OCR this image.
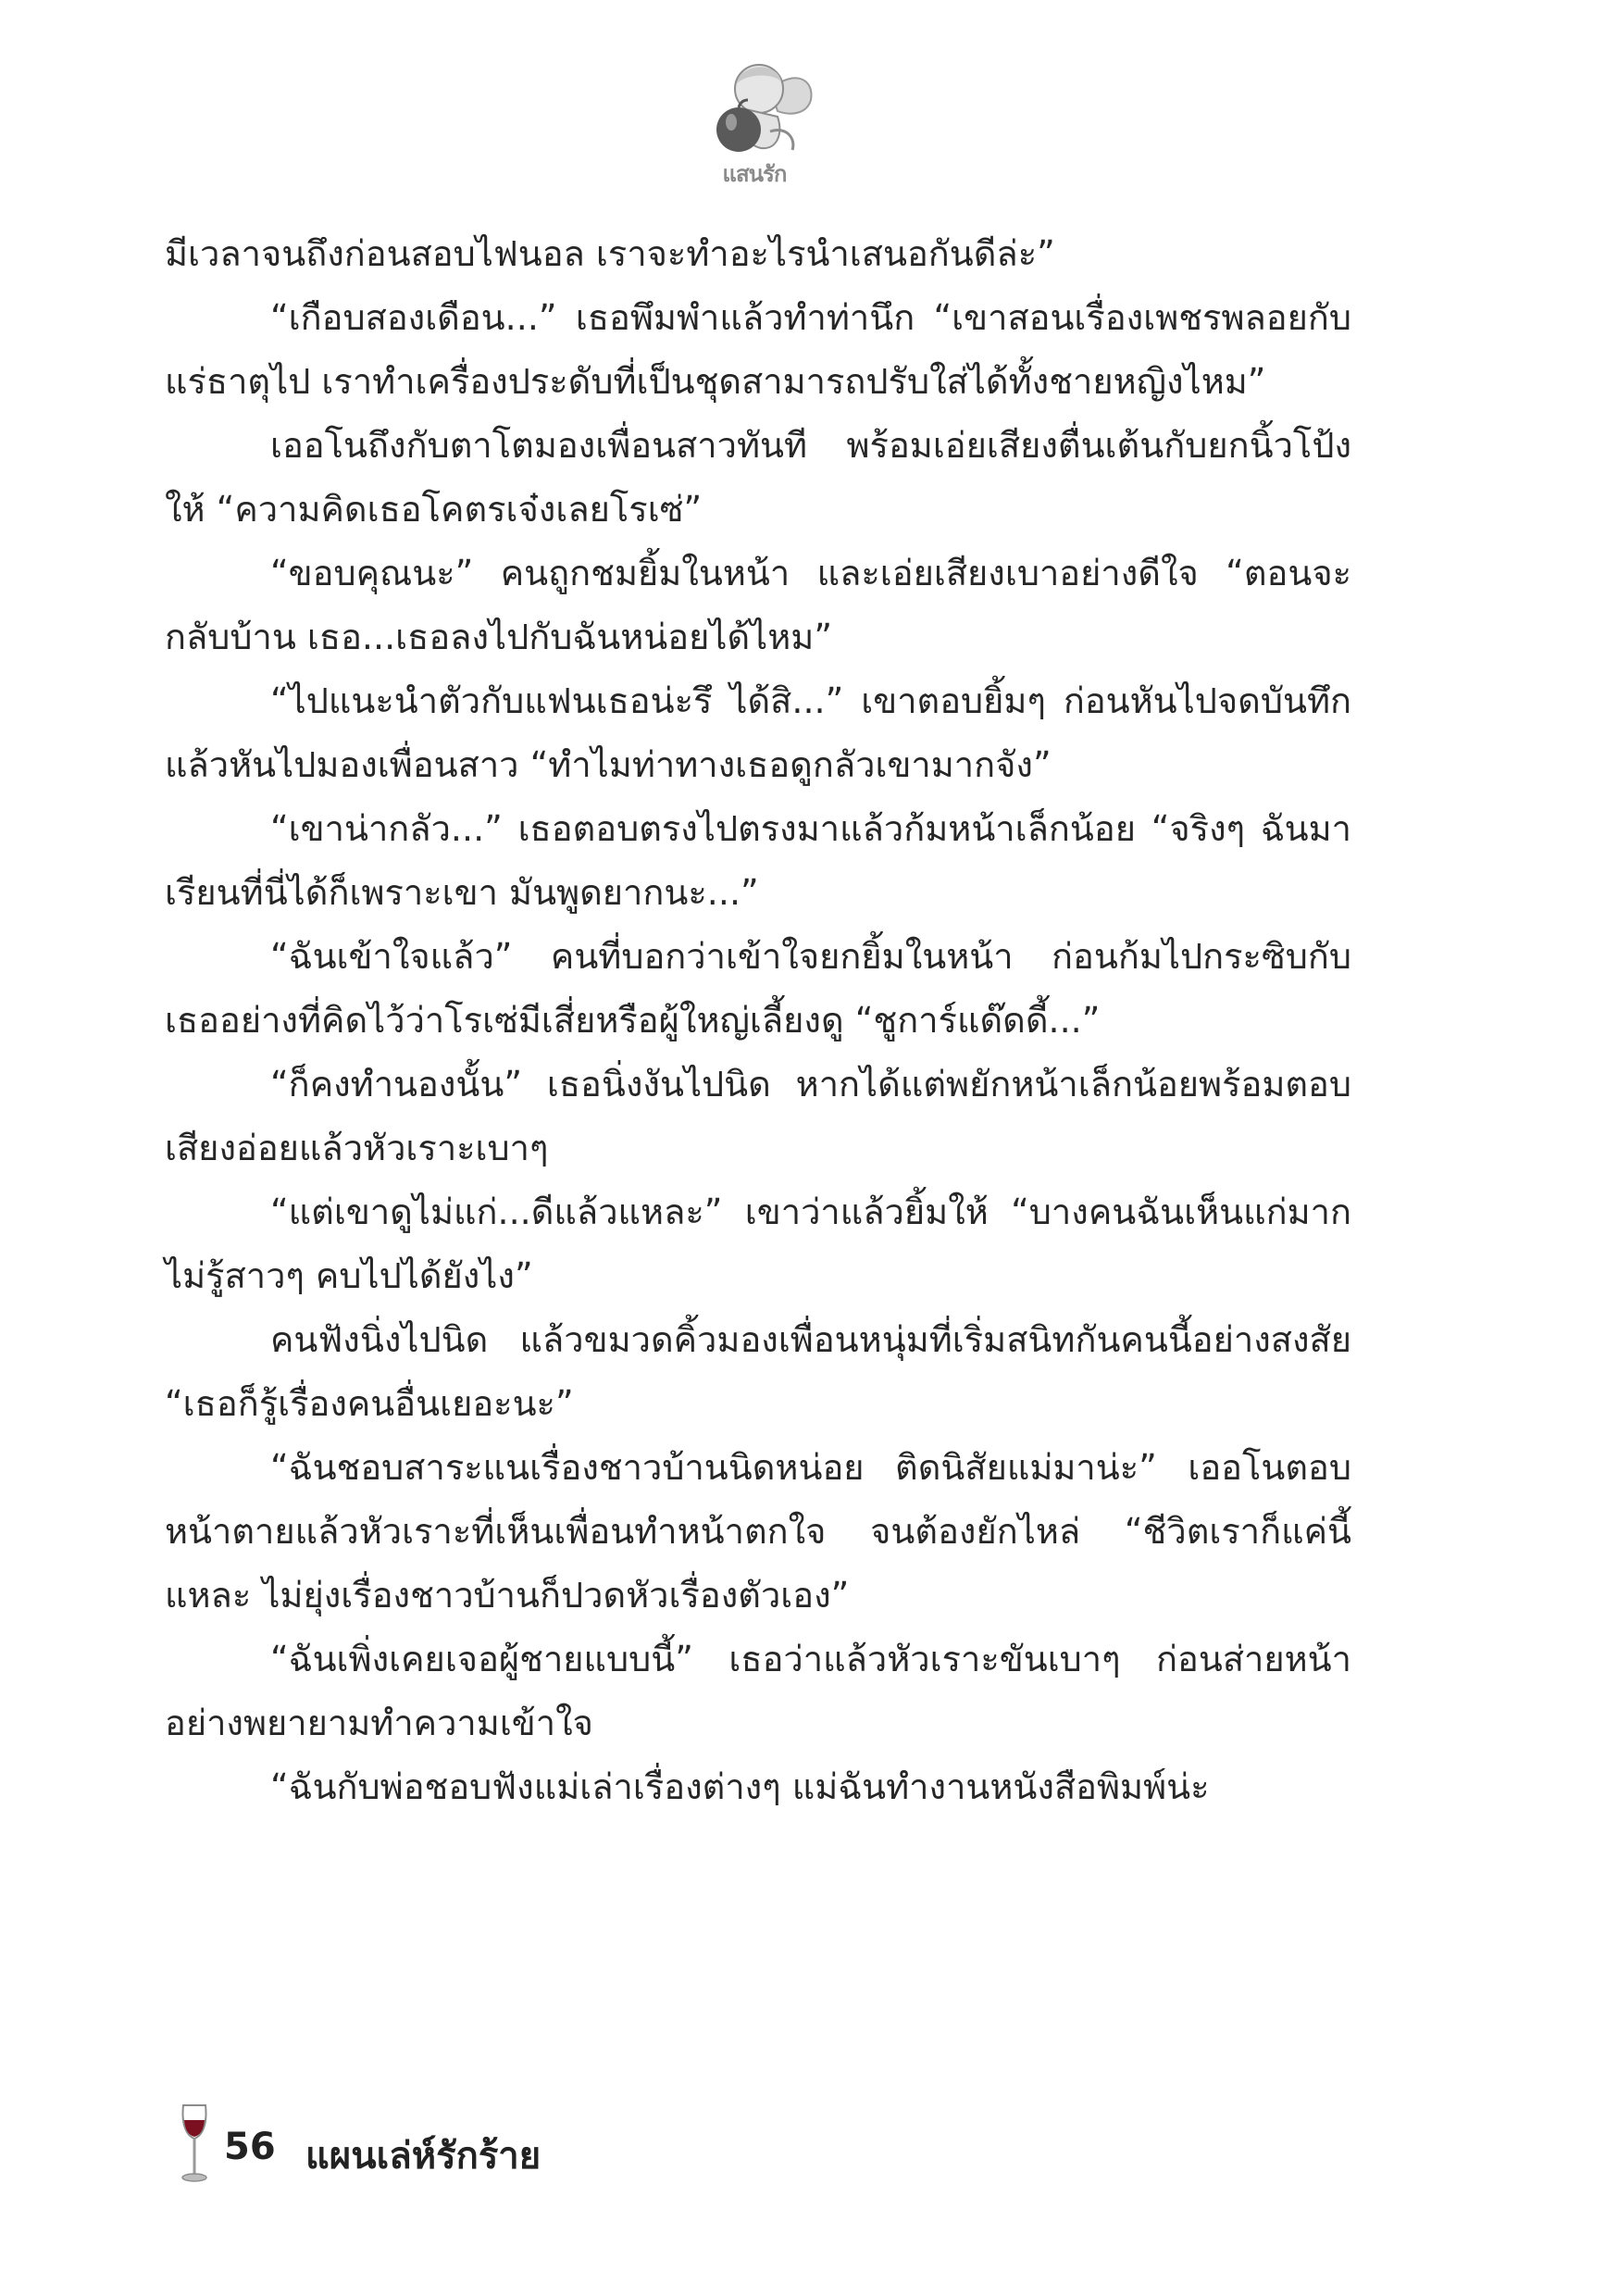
แสนรัก

มีเวลาจนถึงก่อนสอบไฟนอล เราจะทำอะไรนำเสนอกันดีล่ะ”

“เกือบสองเดือน...” เธอพึมพำแล้วทำท่านึก “เขาสอนเรื่องเพชรพลอยกับแร่ธาตุไป เราทำเครื่องประดับที่เป็นชุดสามารถปรับใส่ได้ทั้งชายหญิงไหม”

เออโนถึงกับตาโตมองเพื่อนสาวทันที พร้อมเอ่ยเสียงตื่นเต้นกับยกนิ้วโป้งให้ “ความคิดเธอโคตรเจ๋งเลยโรเซ่”

“ขอบคุณนะ” คนถูกชมยิ้มในหน้า และเอ่ยเสียงเบาอย่างดีใจ “ตอนจะกลับบ้าน เธอ...เธอลงไปกับฉันหน่อยได้ไหม”

“ไปแนะนำตัวกับแฟนเธอน่ะรึ ได้สิ...” เขาตอบยิ้มๆ ก่อนหันไปจดบันทึก แล้วหันไปมองเพื่อนสาว “ทำไมท่าทางเธอดูกลัวเขามากจัง”

“เขาน่ากลัว...” เธอตอบตรงไปตรงมาแล้วก้มหน้าเล็กน้อย “จริงๆ ฉันมาเรียนที่นี่ได้ก็เพราะเขา มันพูดยากนะ...”

“ฉันเข้าใจแล้ว” คนที่บอกว่าเข้าใจยกยิ้มในหน้า ก่อนก้มไปกระซิบกับเธออย่างที่คิดไว้ว่าโรเซ่มีเสี่ยหรือผู้ใหญ่เลี้ยงดู “ชูการ์แด๊ดดี้...”

“ก็คงทำนองนั้น” เธอนิ่งงันไปนิด หากได้แต่พยักหน้าเล็กน้อยพร้อมตอบเสียงอ่อยแล้วหัวเราะเบาๆ

“แต่เขาดูไม่แก่...ดีแล้วแหละ” เขาว่าแล้วยิ้มให้ “บางคนฉันเห็นแก่มาก ไม่รู้สาวๆ คบไปได้ยังไง”

คนฟังนิ่งไปนิด แล้วขมวดคิ้วมองเพื่อนหนุ่มที่เริ่มสนิทกันคนนี้อย่างสงสัย “เธอก็รู้เรื่องคนอื่นเยอะนะ”

“ฉันชอบสาระแนเรื่องชาวบ้านนิดหน่อย ติดนิสัยแม่มาน่ะ” เออโนตอบหน้าตายแล้วหัวเราะที่เห็นเพื่อนทำหน้าตกใจ จนต้องยักไหล่ “ชีวิตเราก็แค่นี้แหละ ไม่ยุ่งเรื่องชาวบ้านก็ปวดหัวเรื่องตัวเอง”

“ฉันเพิ่งเคยเจอผู้ชายแบบนี้” เธอว่าแล้วหัวเราะขันเบาๆ ก่อนส่ายหน้าอย่างพยายามทำความเข้าใจ

“ฉันกับพ่อชอบฟังแม่เล่าเรื่องต่างๆ แม่ฉันทำงานหนังสือพิมพ์น่ะ

56 แผนเล่ห์รักร้าย
